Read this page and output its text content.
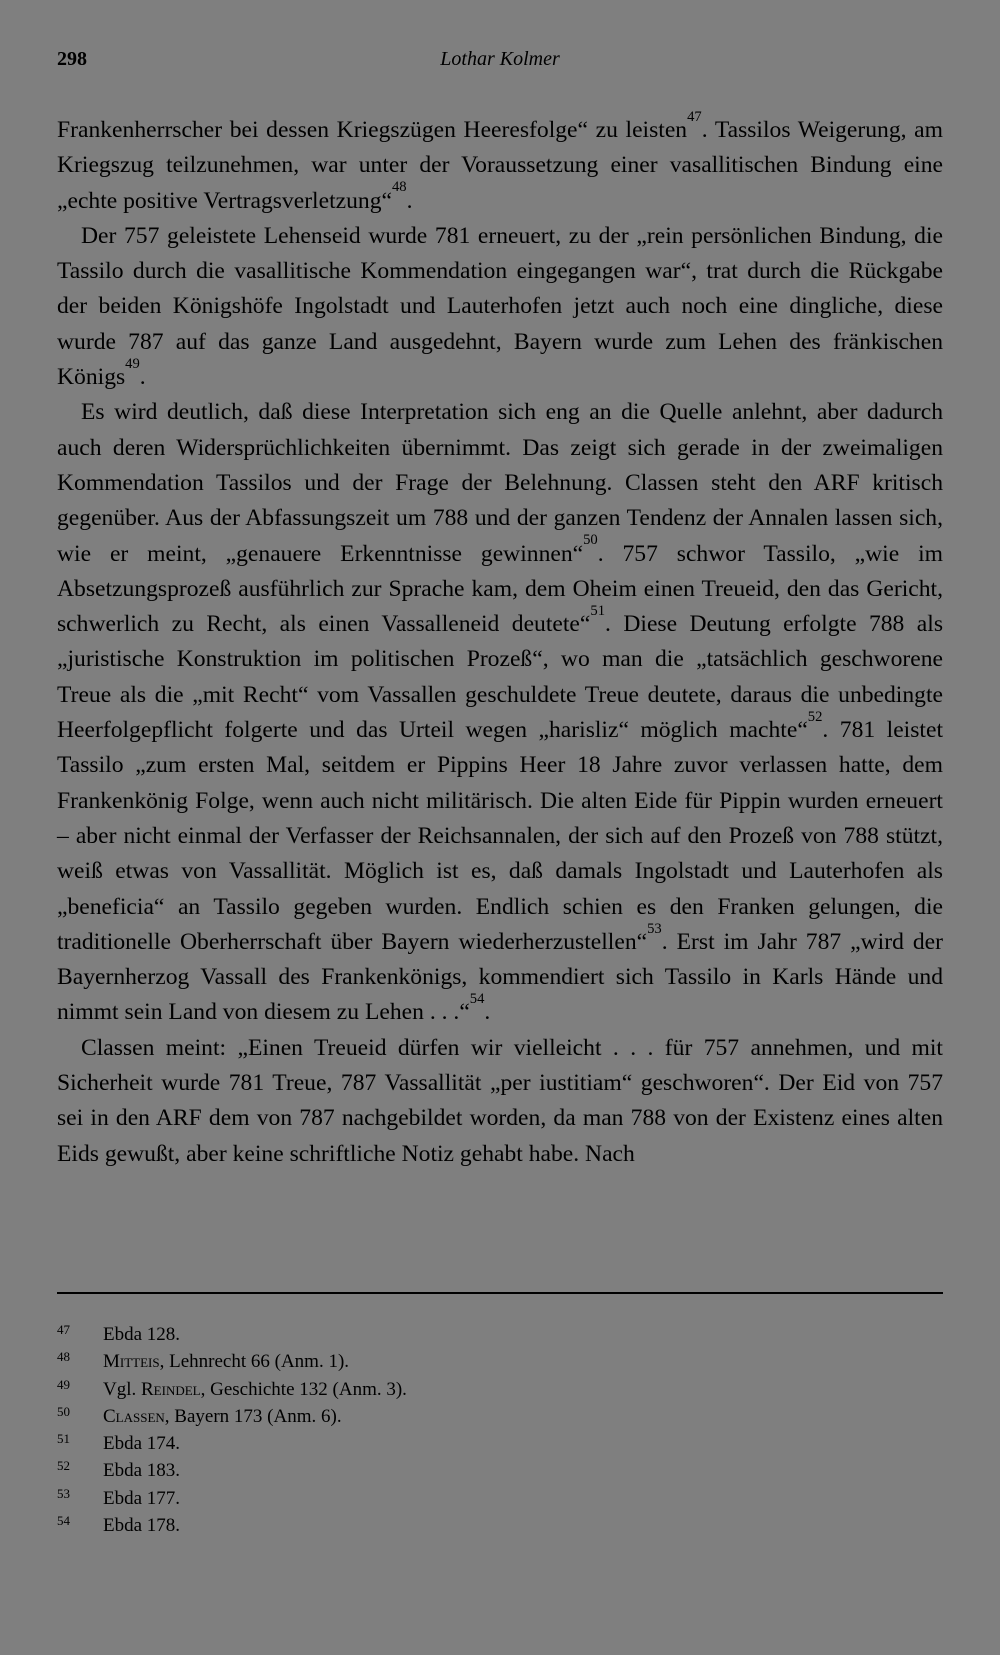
298	Lothar Kolmer

Frankenherrscher bei dessen Kriegszügen Heeresfolge“ zu leisten$^{47}$. Tassilos Weigerung, am Kriegszug teilzunehmen, war unter der Voraussetzung einer vasallitischen Bindung eine „echte positive Vertragsverletzung“$^{48}$.

Der 757 geleistete Lehenseid wurde 781 erneuert, zu der „rein persönlichen Bindung, die Tassilo durch die vasallitische Kommendation eingegangen war“, trat durch die Rückgabe der beiden Königshöfe Ingolstadt und Lauterhofen jetzt auch noch eine dingliche, diese wurde 787 auf das ganze Land ausgedehnt, Bayern wurde zum Lehen des fränkischen Königs$^{49}$.

Es wird deutlich, daß diese Interpretation sich eng an die Quelle anlehnt, aber dadurch auch deren Widersprüchlichkeiten übernimmt. Das zeigt sich gerade in der zweimaligen Kommendation Tassilos und der Frage der Belehnung. Classen steht den ARF kritisch gegenüber. Aus der Abfassungszeit um 788 und der ganzen Tendenz der Annalen lassen sich, wie er meint, „genauere Erkenntnisse gewinnen“$^{50}$. 757 schwor Tassilo, „wie im Absetzungsprozeß ausführlich zur Sprache kam, dem Oheim einen Treueid, den das Gericht, schwerlich zu Recht, als einen Vassalleneid deutete“$^{51}$. Diese Deutung erfolgte 788 als „juristische Konstruktion im politischen Prozeß“, wo man die „tatsächlich geschworene Treue als die „mit Recht“ vom Vassallen geschuldete Treue deutete, daraus die unbedingte Heerfolgepflicht folgerte und das Urteil wegen „harisliz“ möglich machte“$^{52}$. 781 leistet Tassilo „zum ersten Mal, seitdem er Pippins Heer 18 Jahre zuvor verlassen hatte, dem Frankenkönig Folge, wenn auch nicht militärisch. Die alten Eide für Pippin wurden erneuert – aber nicht einmal der Verfasser der Reichsannalen, der sich auf den Prozeß von 788 stützt, weiß etwas von Vassallität. Möglich ist es, daß damals Ingolstadt und Lauterhofen als „beneficia“ an Tassilo gegeben wurden. Endlich schien es den Franken gelungen, die traditionelle Oberherrschaft über Bayern wiederherzustellen“$^{53}$. Erst im Jahr 787 „wird der Bayernherzog Vassall des Frankenkönigs, kommendiert sich Tassilo in Karls Hände und nimmt sein Land von diesem zu Lehen . . .“$^{54}$.

Classen meint: „Einen Treueid dürfen wir vielleicht . . . für 757 annehmen, und mit Sicherheit wurde 781 Treue, 787 Vassallität „per iustitiam“ geschworen“. Der Eid von 757 sei in den ARF dem von 787 nachgebildet worden, da man 788 von der Existenz eines alten Eids gewußt, aber keine schriftliche Notiz gehabt habe. Nach

47	Ebda 128.
48	Mitteis, Lehnrecht 66 (Anm. 1).
49	Vgl. Reindel, Geschichte 132 (Anm. 3).
50	Classen, Bayern 173 (Anm. 6).
51	Ebda 174.
52	Ebda 183.
53	Ebda 177.
54	Ebda 178.
